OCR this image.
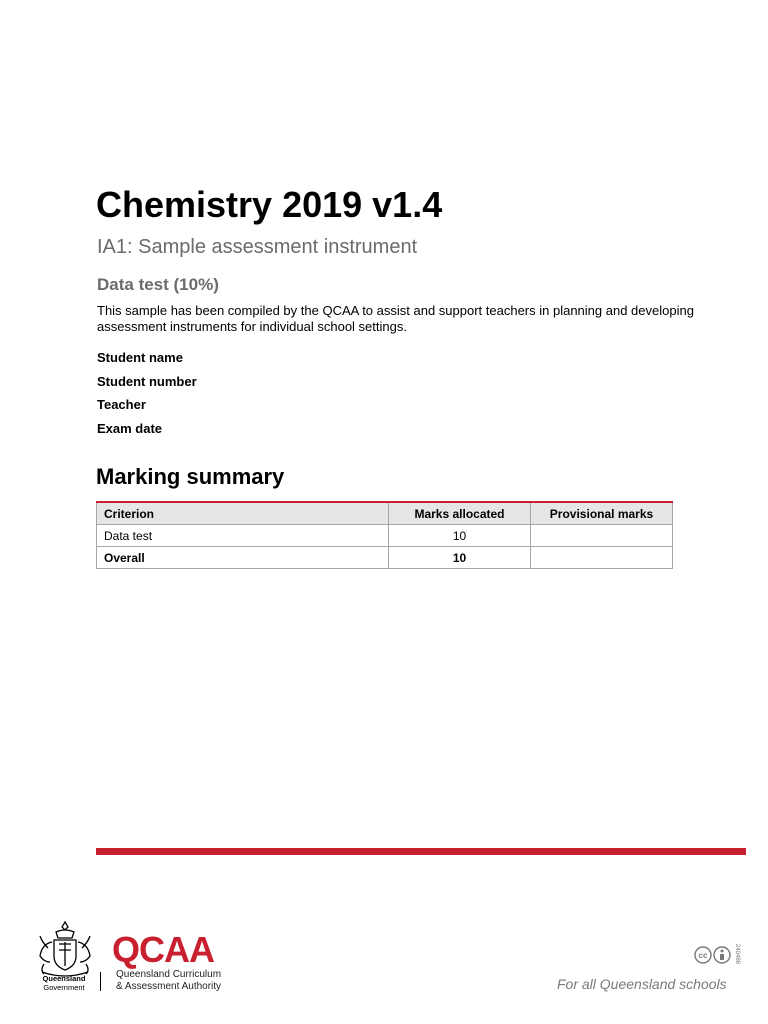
Chemistry 2019 v1.4

IA1: Sample assessment instrument

Data test (10%)

This sample has been compiled by the QCAA to assist and support teachers in planning and developing assessment instruments for individual school settings.

Student name
Student number
Teacher
Exam date
Marking summary
Criterion	Marks allocated	Provisional marks
Data test	10	
Overall	10	
Queensland
Government
QCAA
Queensland Curriculum
& Assessment Authority
cc	240486
For all Queensland schools
